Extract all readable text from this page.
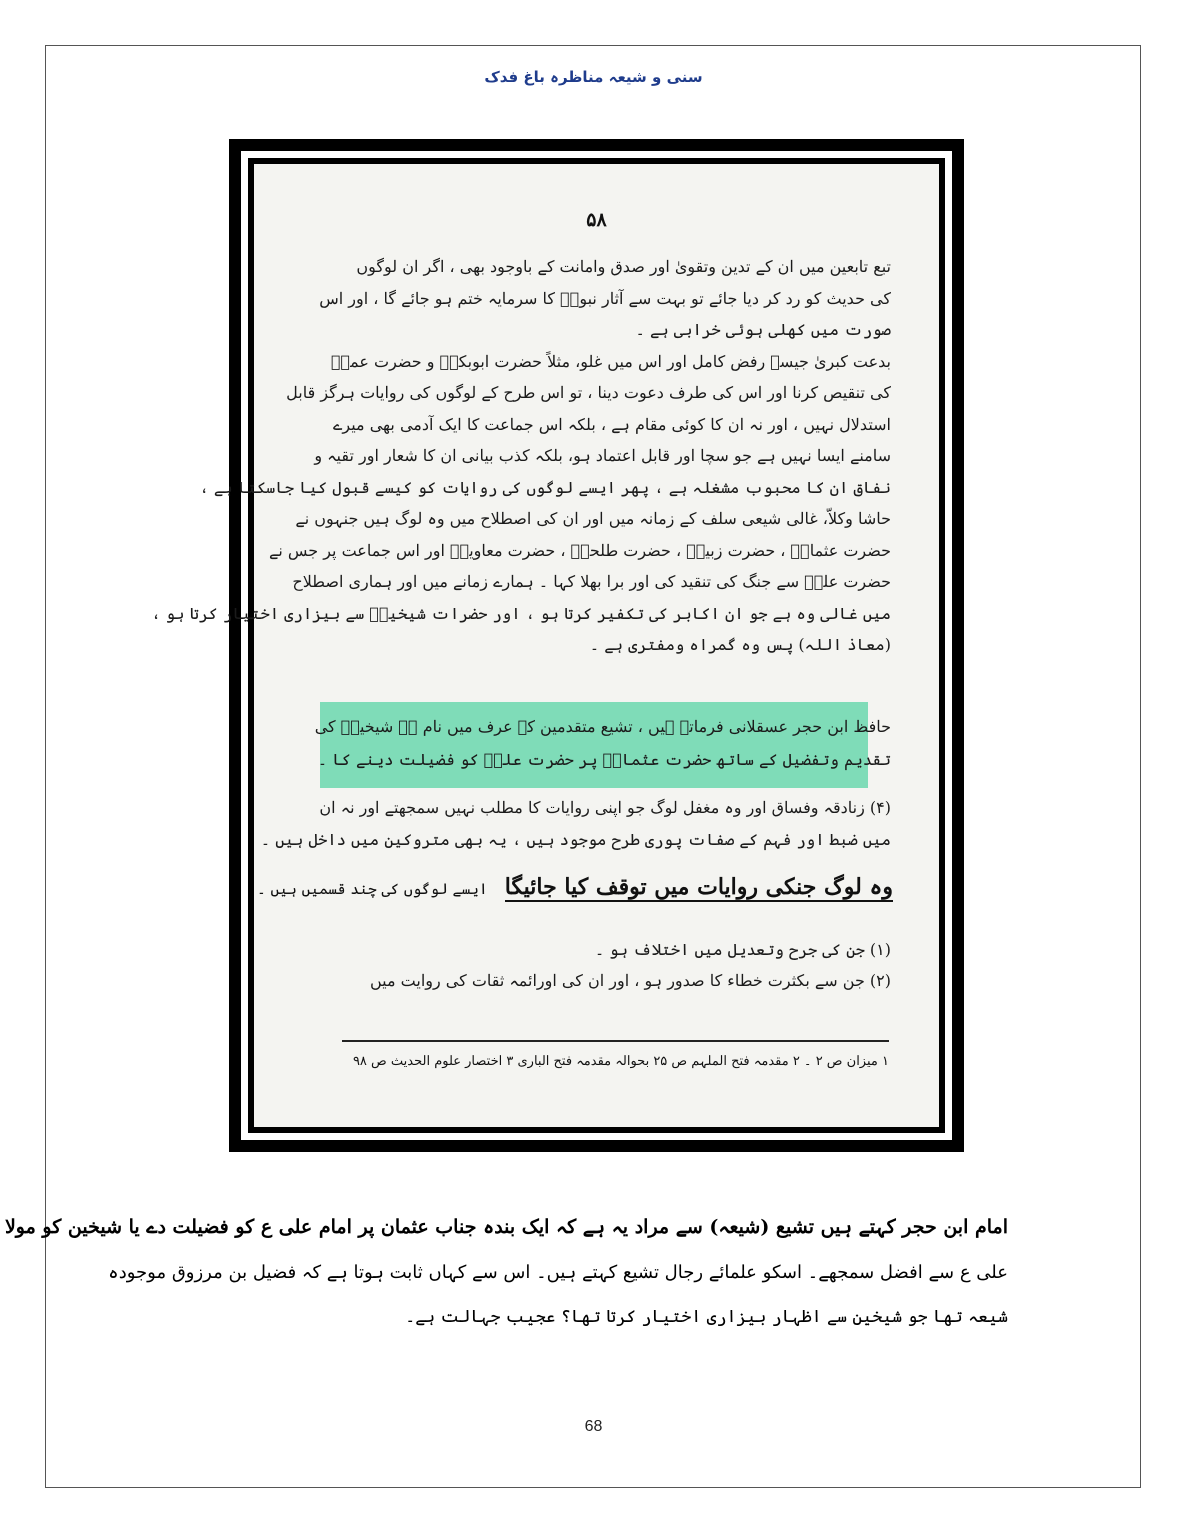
سنی و شیعہ مناظرہ باغ فدک
۵۸
تبع تابعین میں ان کے تدین وتقویٰ اور صدق وامانت کے باوجود بھی ، اگر ان لوگوں
کی حدیث کو رد کر دیا جائے تو بہت سے آثار نبویؐ کا سرمایہ ختم ہو جائے گا ، اور اس
صورت میں کھلی ہوئی خرابی ہے ۔
بدعت کبریٰ جیسے رفض کامل اور اس میں غلو، مثلاً حضرت ابوبکرؓ و حضرت عمرؓ
کی تنقیص کرنا اور اس کی طرف دعوت دینا ، تو اس طرح کے لوگوں کی روایات ہرگز قابل
استدلال نہیں ، اور نہ ان کا کوئی مقام ہے ، بلکہ اس جماعت کا ایک آدمی بھی میرے
سامنے ایسا نہیں ہے جو سچا اور قابل اعتماد ہو، بلکہ کذب بیانی ان کا شعار اور تقیہ و
نفاق ان کا محبوب مشغلہ ہے ، پھر ایسے لوگوں کی روایات کو کیسے قبول کیا جاسکتا ہے ،
حاشا وکلاّ، غالی شیعی سلف کے زمانہ میں اور ان کی اصطلاح میں وہ لوگ ہیں جنہوں نے
حضرت عثمانؓ ، حضرت زبیرؓ ، حضرت طلحہؓ ، حضرت معاویہؓ اور اس جماعت پر جس نے
حضرت علیؓ سے جنگ کی تنقید کی اور برا بھلا کہا ۔ ہمارے زمانے میں اور ہماری اصطلاح
میں غالی وہ ہے جو ان اکابر کی تکفیر کرتا ہو ، اور حضرات شیخینؓ سے بیزاری اختیار کرتا ہو ،
(معاذ اللہ) پس وہ گمراہ ومفتری ہے ۔
حافظ ابن حجر عسقلانی فرماتے ہیں ، تشیع متقدمین کے عرف میں نام ہے شیخینؓ کی
تقدیم وتفضیل کے ساتھ حضرت عثمانؓ پر حضرت علیؓ کو فضیلت دینے کا ۔
(۴) زنادقہ وفساق اور وہ مغفل لوگ جو اپنی روایات کا مطلب نہیں سمجھتے اور نہ ان
میں ضبط اور فہم کے صفات پوری طرح موجود ہیں ، یہ بھی متروکین میں داخل ہیں ۔
وہ لوگ جنکی روایات میں توقف کیا جائیگا ایسے لوگوں کی چند قسمیں ہیں ۔
(۱) جن کی جرح وتعدیل میں اختلاف ہو ۔
(۲) جن سے بکثرت خطاء کا صدور ہو ، اور ان کی اورائمہ ثقات کی روایت میں
۱ میزان ص ۲ ۔ ۲ مقدمہ فتح الملہم ص ۲۵ بحوالہ مقدمہ فتح الباری ۳ اختصار علوم الحدیث ص ۹۸
امام ابن حجر کہتے ہیں تشیع (شیعہ) سے مراد یہ ہے کہ ایک بندہ جناب عثمان پر امام علی ع کو فضیلت دے یا شیخین کو مولا
علی ع سے افضل سمجھے۔ اسکو علمائے رجال تشیع کہتے ہیں۔ اس سے کہاں ثابت ہوتا ہے کہ فضیل بن مرزوق موجودہ
شیعہ تھا جو شیخین سے اظہار بیزاری اختیار کرتا تھا؟ عجیب جہالت ہے۔
68
